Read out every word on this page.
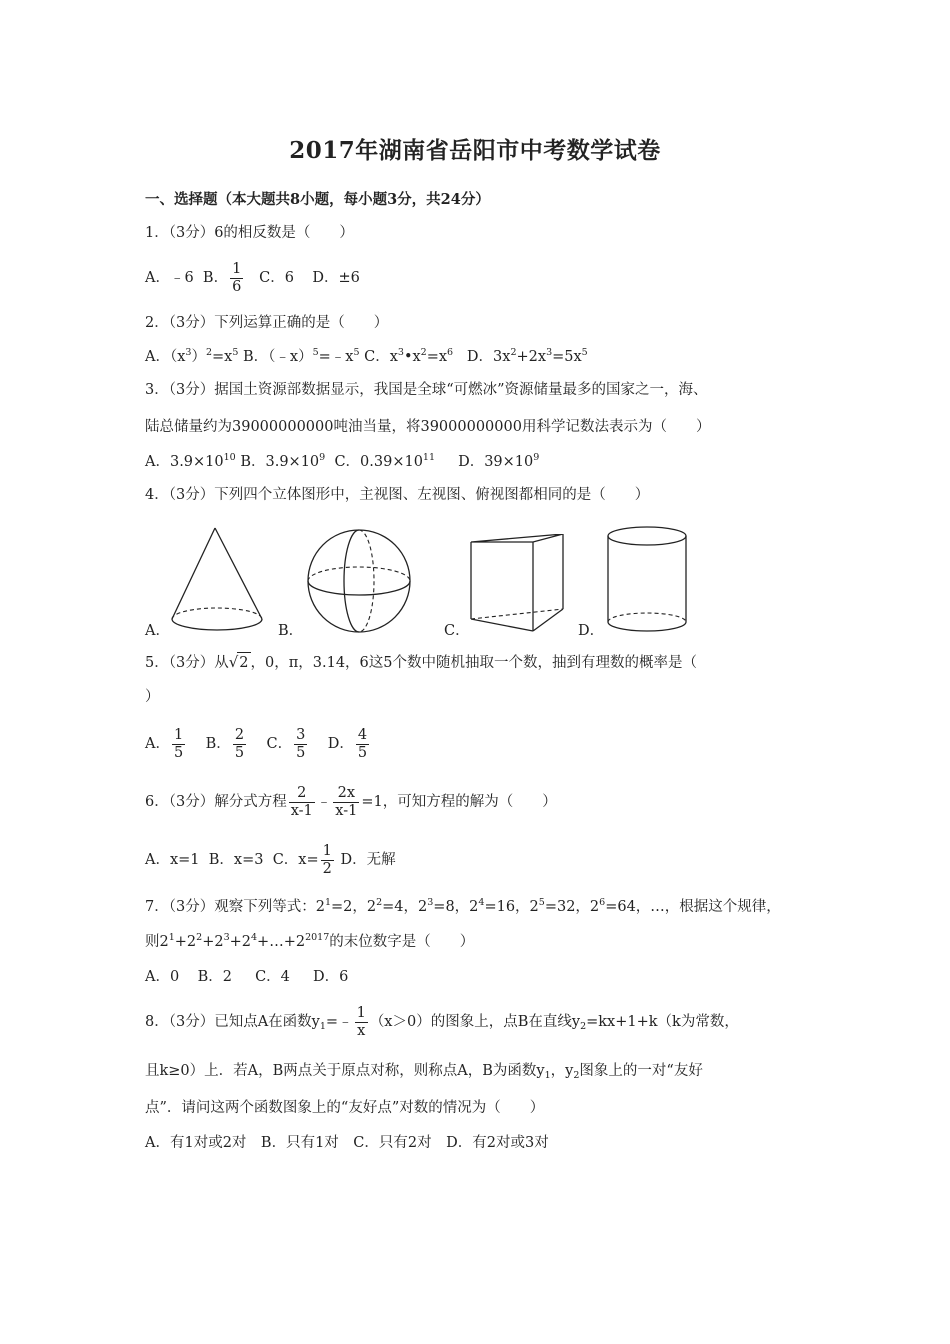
2017年湖南省岳阳市中考数学试卷
一、选择题（本大题共8小题，每小题3分，共24分）
1．（3分）6的相反数是（　　）
A．﹣6 B． $\frac{1}{6}$ C．6 D．±6
2．（3分）下列运算正确的是（　　）
A．$(x^3)^2=x^5$ B．$(﹣x)^5=﹣x^5$ C．$x^3•x^2=x^6$ D．$3x^2+2x^3=5x^5$
3．（3分）据国土资源部数据显示，我国是全球“可燃冰”资源储量最多的国家之一，海、
陆总储量约为39000000000吨油当量，将39000000000用科学记数法表示为（　　）
A．$3.9\times 10^{10}$ B．$3.9\times 10^9$ C．$0.39\times 10^{11}$ D．$39\times 10^9$
4．（3分）下列四个立体图形中，主视图、左视图、俯视图都相同的是（　　）
A．	B．	C．	D．
5．（3分）从√2 ，0，π，3.14，6这5个数中随机抽取一个数，抽到有理数的概率是（
）
A． $\frac{1}{5}$ B． $\frac{2}{5}$ C． $\frac{3}{5}$ D． $\frac{4}{5}$
6．（3分）解分式方程 $\frac{2}{x-1}$ ﹣ $\frac{2x}{x-1} =1$，可知方程的解为（　　）
A．x=1 B．x=3 C．$x= \frac{1}{2}$ D．无解
7．（3分）观察下列等式：$2^1=2$，$2^2=4$，$2^3=8$，$2^4=16$，$2^5=32$，$2^6=64$，…，根据这个规律，
则$2^1+2^2+2^3+2^4+\dots+2^{2017}$的末位数字是（　　）
A．0 B．2 C．4 D．6
8．（3分）已知点A在函数$y_1=﹣ \frac{1}{x} (x>0)$的图象上，点B在直线$y_2=kx+1+k(k$为常数，
且k≥0）上．若A，B两点关于原点对称，则称点A，B为函数$y_1$，$y_2$图象上的一对“友好
点”．请问这两个函数图象上的“友好点”对数的情况为（　　）
A．有1对或2对　B．只有1对　C．只有2对　D．有2对或3对
